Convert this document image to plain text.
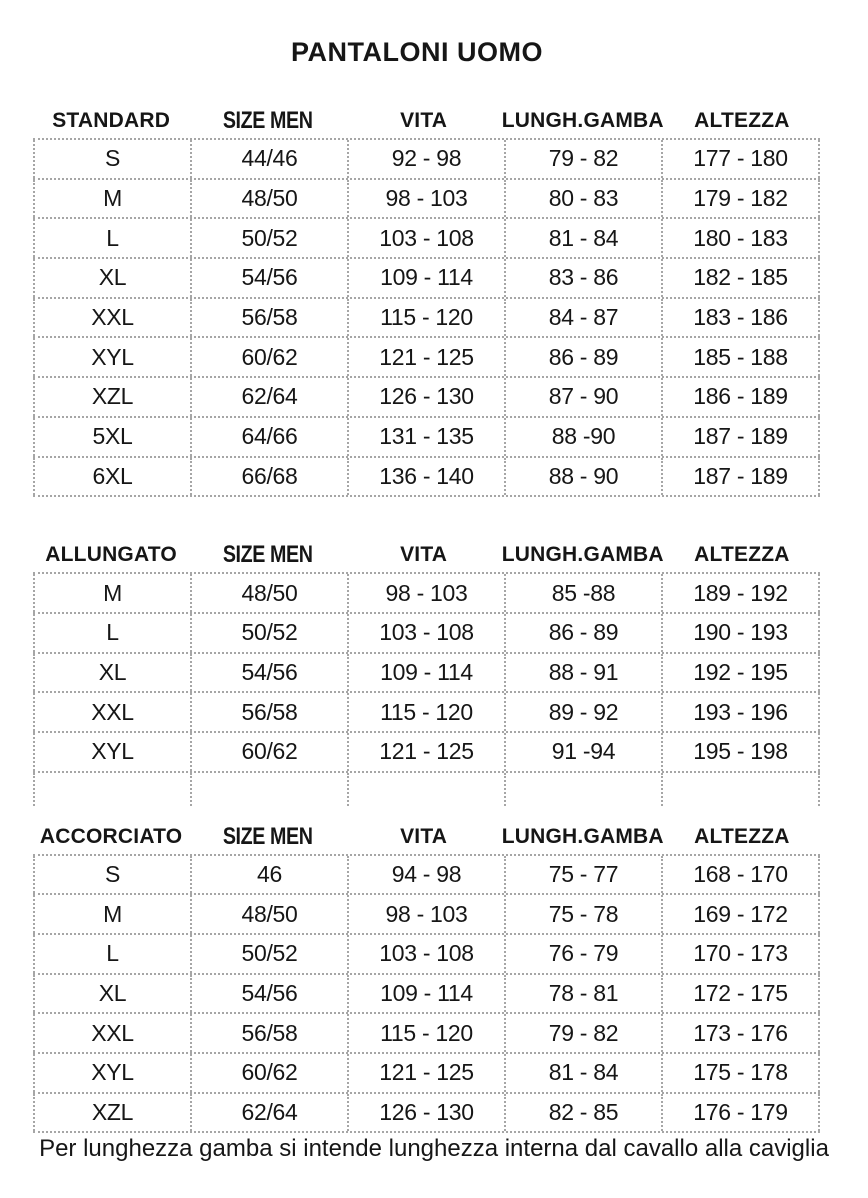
PANTALONI UOMO
STANDARD	SIZE MEN	VITA	LUNGH.GAMBA	ALTEZZA
S	44/46	92 - 98	79 - 82	177 - 180
M	48/50	98 - 103	80 - 83	179 - 182
L	50/52	103 - 108	81 - 84	180 - 183
XL	54/56	109 - 114	83 - 86	182 - 185
XXL	56/58	115 - 120	84 - 87	183 - 186
XYL	60/62	121 - 125	86 - 89	185 - 188
XZL	62/64	126 - 130	87 - 90	186 - 189
5XL	64/66	131 - 135	88 -90	187 - 189
6XL	66/68	136 - 140	88 - 90	187 - 189
ALLUNGATO	SIZE MEN	VITA	LUNGH.GAMBA	ALTEZZA
M	48/50	98 - 103	85 -88	189 - 192
L	50/52	103 - 108	86 - 89	190 - 193
XL	54/56	109 - 114	88 - 91	192 - 195
XXL	56/58	115 - 120	89 - 92	193 - 196
XYL	60/62	121 - 125	91 -94	195 - 198
ACCORCIATO	SIZE MEN	VITA	LUNGH.GAMBA	ALTEZZA
S	46	94 - 98	75 - 77	168 - 170
M	48/50	98 - 103	75 - 78	169 - 172
L	50/52	103 - 108	76 - 79	170 - 173
XL	54/56	109 - 114	78 - 81	172 - 175
XXL	56/58	115 - 120	79 - 82	173 - 176
XYL	60/62	121 - 125	81 - 84	175 - 178
XZL	62/64	126 - 130	82 - 85	176 - 179
Per lunghezza gamba si intende lunghezza interna dal cavallo alla caviglia
